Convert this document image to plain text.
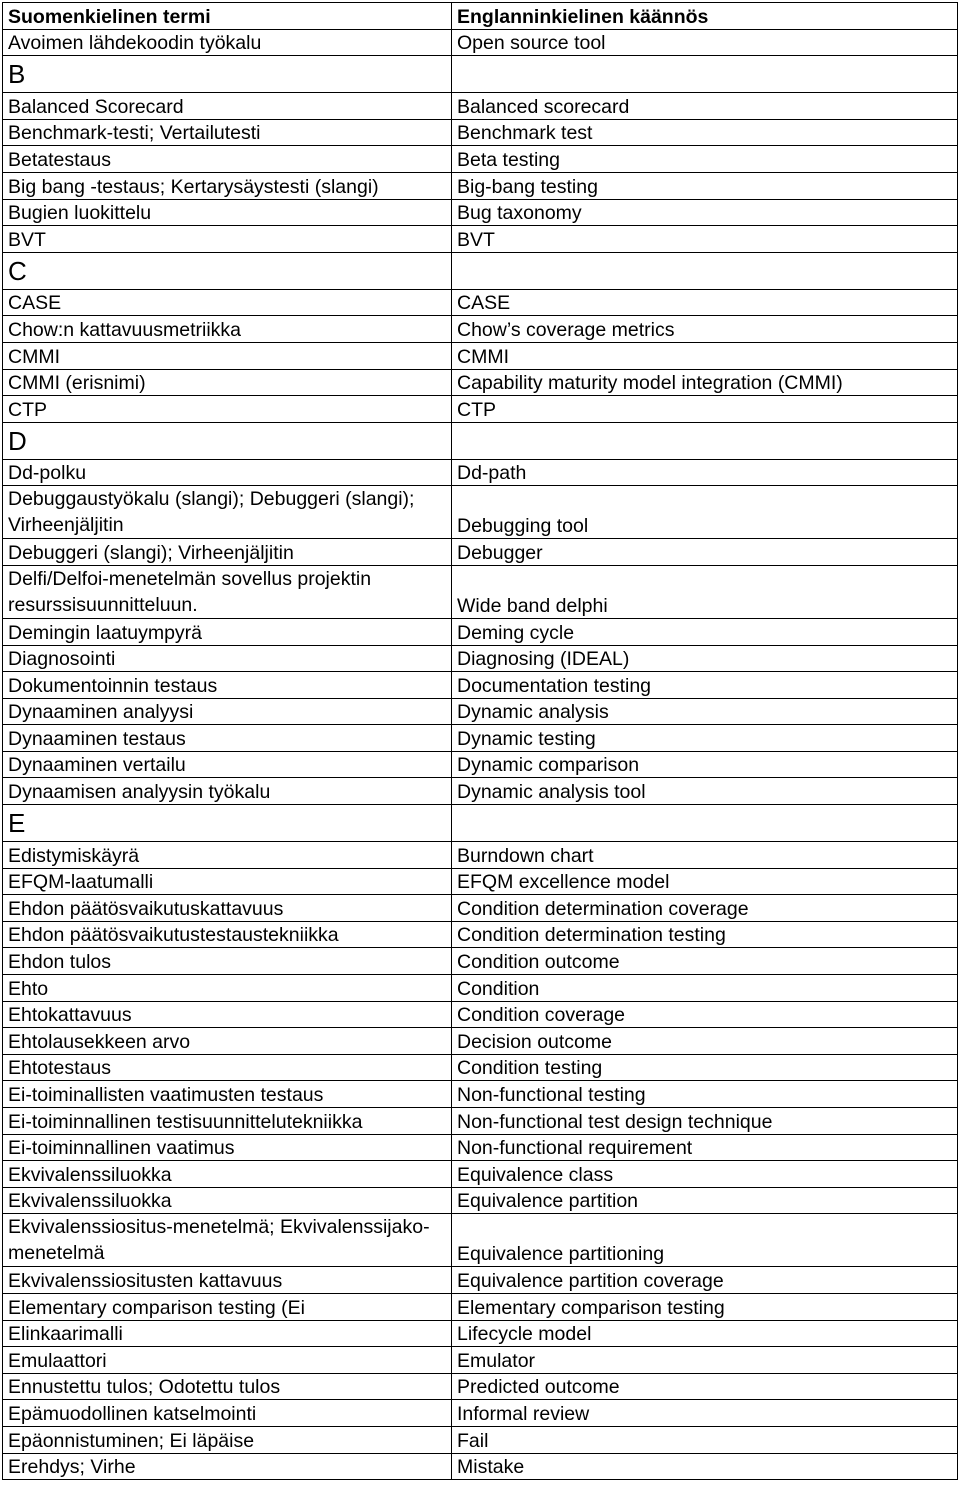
Suomenkielinen termi	Englanninkielinen käännös
Avoimen lähdekoodin työkalu	Open source tool
B	
Balanced Scorecard	Balanced scorecard
Benchmark-testi; Vertailutesti	Benchmark test
Betatestaus	Beta testing
Big bang -testaus; Kertarysäystesti (slangi)	Big-bang testing
Bugien luokittelu	Bug taxonomy
BVT	BVT
C	
CASE	CASE
Chow:n kattavuusmetriikka	Chow’s coverage metrics
CMMI	CMMI
CMMI (erisnimi)	Capability maturity model integration (CMMI)
CTP	CTP
D	
Dd-polku	Dd-path
Debuggaustyökalu (slangi); Debuggeri (slangi); Virheenjäljitin	Debugging tool
Debuggeri (slangi); Virheenjäljitin	Debugger
Delfi/Delfoi-menetelmän sovellus projektin resurssisuunnitteluun.	Wide band delphi
Demingin laatuympyrä	Deming cycle
Diagnosointi	Diagnosing (IDEAL)
Dokumentoinnin testaus	Documentation testing
Dynaaminen analyysi	Dynamic analysis
Dynaaminen testaus	Dynamic testing
Dynaaminen vertailu	Dynamic comparison
Dynaamisen analyysin työkalu	Dynamic analysis tool
E	
Edistymiskäyrä	Burndown chart
EFQM-laatumalli	EFQM excellence model
Ehdon päätösvaikutuskattavuus	Condition determination coverage
Ehdon päätösvaikutustestaustekniikka	Condition determination testing
Ehdon tulos	Condition outcome
Ehto	Condition
Ehtokattavuus	Condition coverage
Ehtolausekkeen arvo	Decision outcome
Ehtotestaus	Condition testing
Ei-toiminallisten vaatimusten testaus	Non-functional testing
Ei-toiminnallinen testisuunnittelutekniikka	Non-functional test design technique
Ei-toiminnallinen vaatimus	Non-functional requirement
Ekvivalenssiluokka	Equivalence class
Ekvivalenssiluokka	Equivalence partition
Ekvivalenssiositus-menetelmä; Ekvivalenssijako-menetelmä	Equivalence partitioning
Ekvivalenssiositusten kattavuus	Equivalence partition coverage
Elementary comparison testing (Ei	Elementary comparison testing
Elinkaarimalli	Lifecycle model
Emulaattori	Emulator
Ennustettu tulos; Odotettu tulos	Predicted outcome
Epämuodollinen katselmointi	Informal review
Epäonnistuminen; Ei läpäise	Fail
Erehdys; Virhe	Mistake
